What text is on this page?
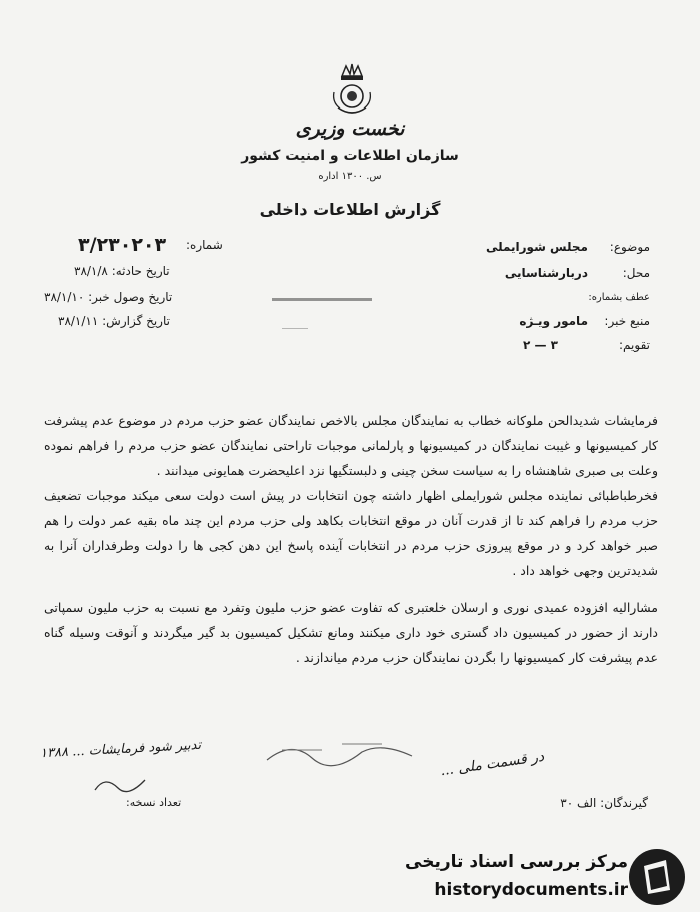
نخست وزیری
سازمان اطلاعات و امنیت کشور
س. ۱۳۰۰ اداره
گزارش اطلاعات داخلی
۳/۲۳۰۲۰۳ شماره:
تاریخ حادثه: ۳۸/۱/۸
تاریخ وصول خبر: ۳۸/۱/۱۰
تاریخ گزارش: ۳۸/۱/۱۱
موضوع:
مجلس شورایملی
محل:
دربارشناسایی
عطف بشماره:
منبع خبر:
مامور ویـژه
تقویم:
۳ — ۲

فرمایشات شدیدالحن ملوکانه خطاب به نمایندگان مجلس بالاخص نمایندگان عضو حزب مردم در موضوع عدم پیشرفت کار کمیسیونها و غیبت نمایندگان در کمیسیونها و پارلمانی موجبات تاراحتی نمایندگان عضو حزب مردم را فراهم نموده وعلت بی صبری شاهنشاه را به سیاست سخن چینی و دلبستگیها نزد اعلیحضرت همایونی میدانند .

فخرطباطبائی نماینده مجلس شورایملی اظهار داشته چون انتخابات در پیش است دولت سعی میکند موجبات تضعیف حزب مردم را فراهم کند تا از قدرت آنان در موقع انتخابات بکاهد ولی حزب مردم این چند ماه بقیه عمر دولت را هم صبر خواهد کرد و در موقع پیروزی حزب مردم در انتخابات آینده پاسخ این دهن کجی ها را دولت وطرفداران آنرا به شدیدترین وجهی خواهد داد .

مشارالیه افزوده عمیدی نوری و ارسلان خلعتبری که تفاوت عضو حزب ملیون وتفرد مع نسبت به حزب ملیون سمپاتی دارند از حضور در کمیسیون داد گستری خود داری میکنند ومانع تشکیل کمیسیون بد گیر میگردند و آنوقت وسیله گناه عدم پیشرفت کار کمیسیونها را بگردن نمایندگان حزب مردم میاندازند .

تدبیر شود فرمایشات ... ۱۳۸۸
در قسمت ملی ...
تعداد نسخه:	گیرندگان: الف ۳۰
مرکز بررسی اسناد تاریخی
historydocuments.ir
